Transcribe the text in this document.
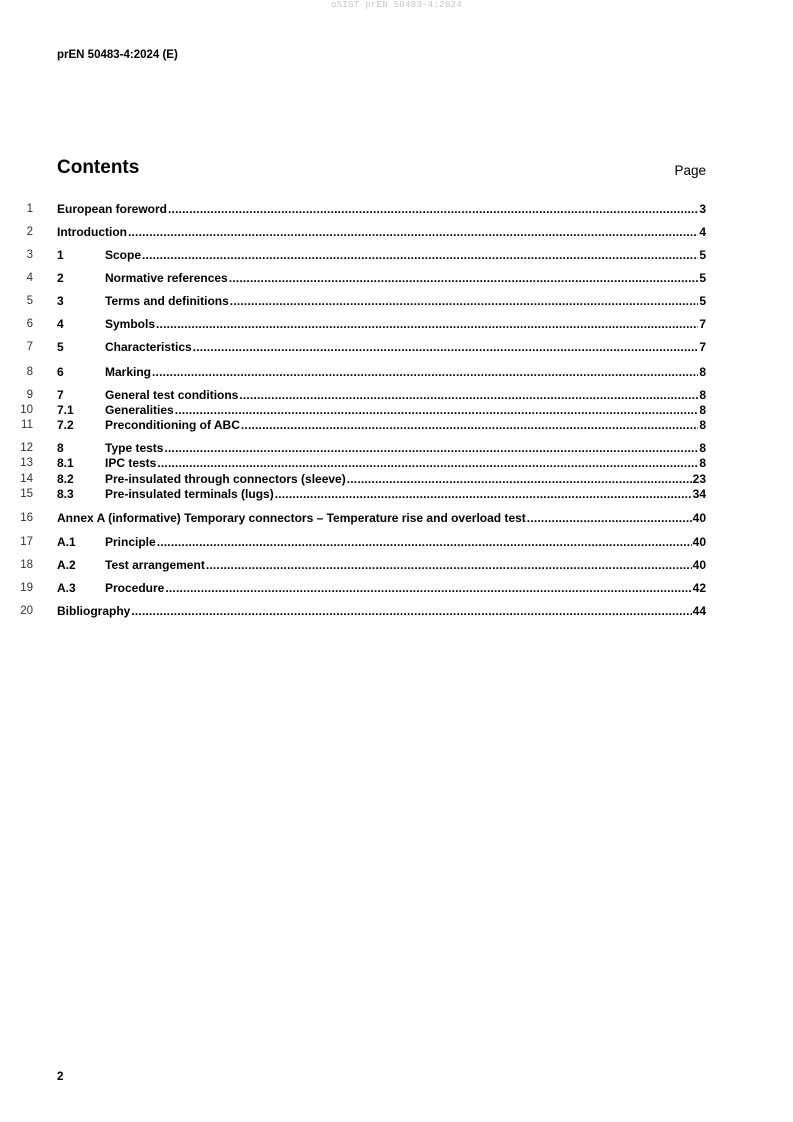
oSIST prEN 50483-4:2024
prEN 50483-4:2024 (E)
Contents	Page
1 European foreword .....	3
2 Introduction .....	4
3 1	Scope .....	5
4 2	Normative references .....	5
5 3	Terms and definitions .....	5
6 4	Symbols .....	7
7 5	Characteristics .....	7
8 6	Marking .....	8
9 7	General test conditions .....	8
10 7.1	Generalities .....	8
11 7.2	Preconditioning of ABC .....	8
12 8	Type tests .....	8
13 8.1	IPC tests .....	8
14 8.2	Pre-insulated through connectors (sleeve) .....	23
15 8.3	Pre-insulated terminals (lugs) .....	34
16 Annex A (informative) Temporary connectors – Temperature rise and overload test .....	40
17 A.1	Principle .....	40
18 A.2	Test arrangement .....	40
19 A.3	Procedure .....	42
20 Bibliography .....	44
2
